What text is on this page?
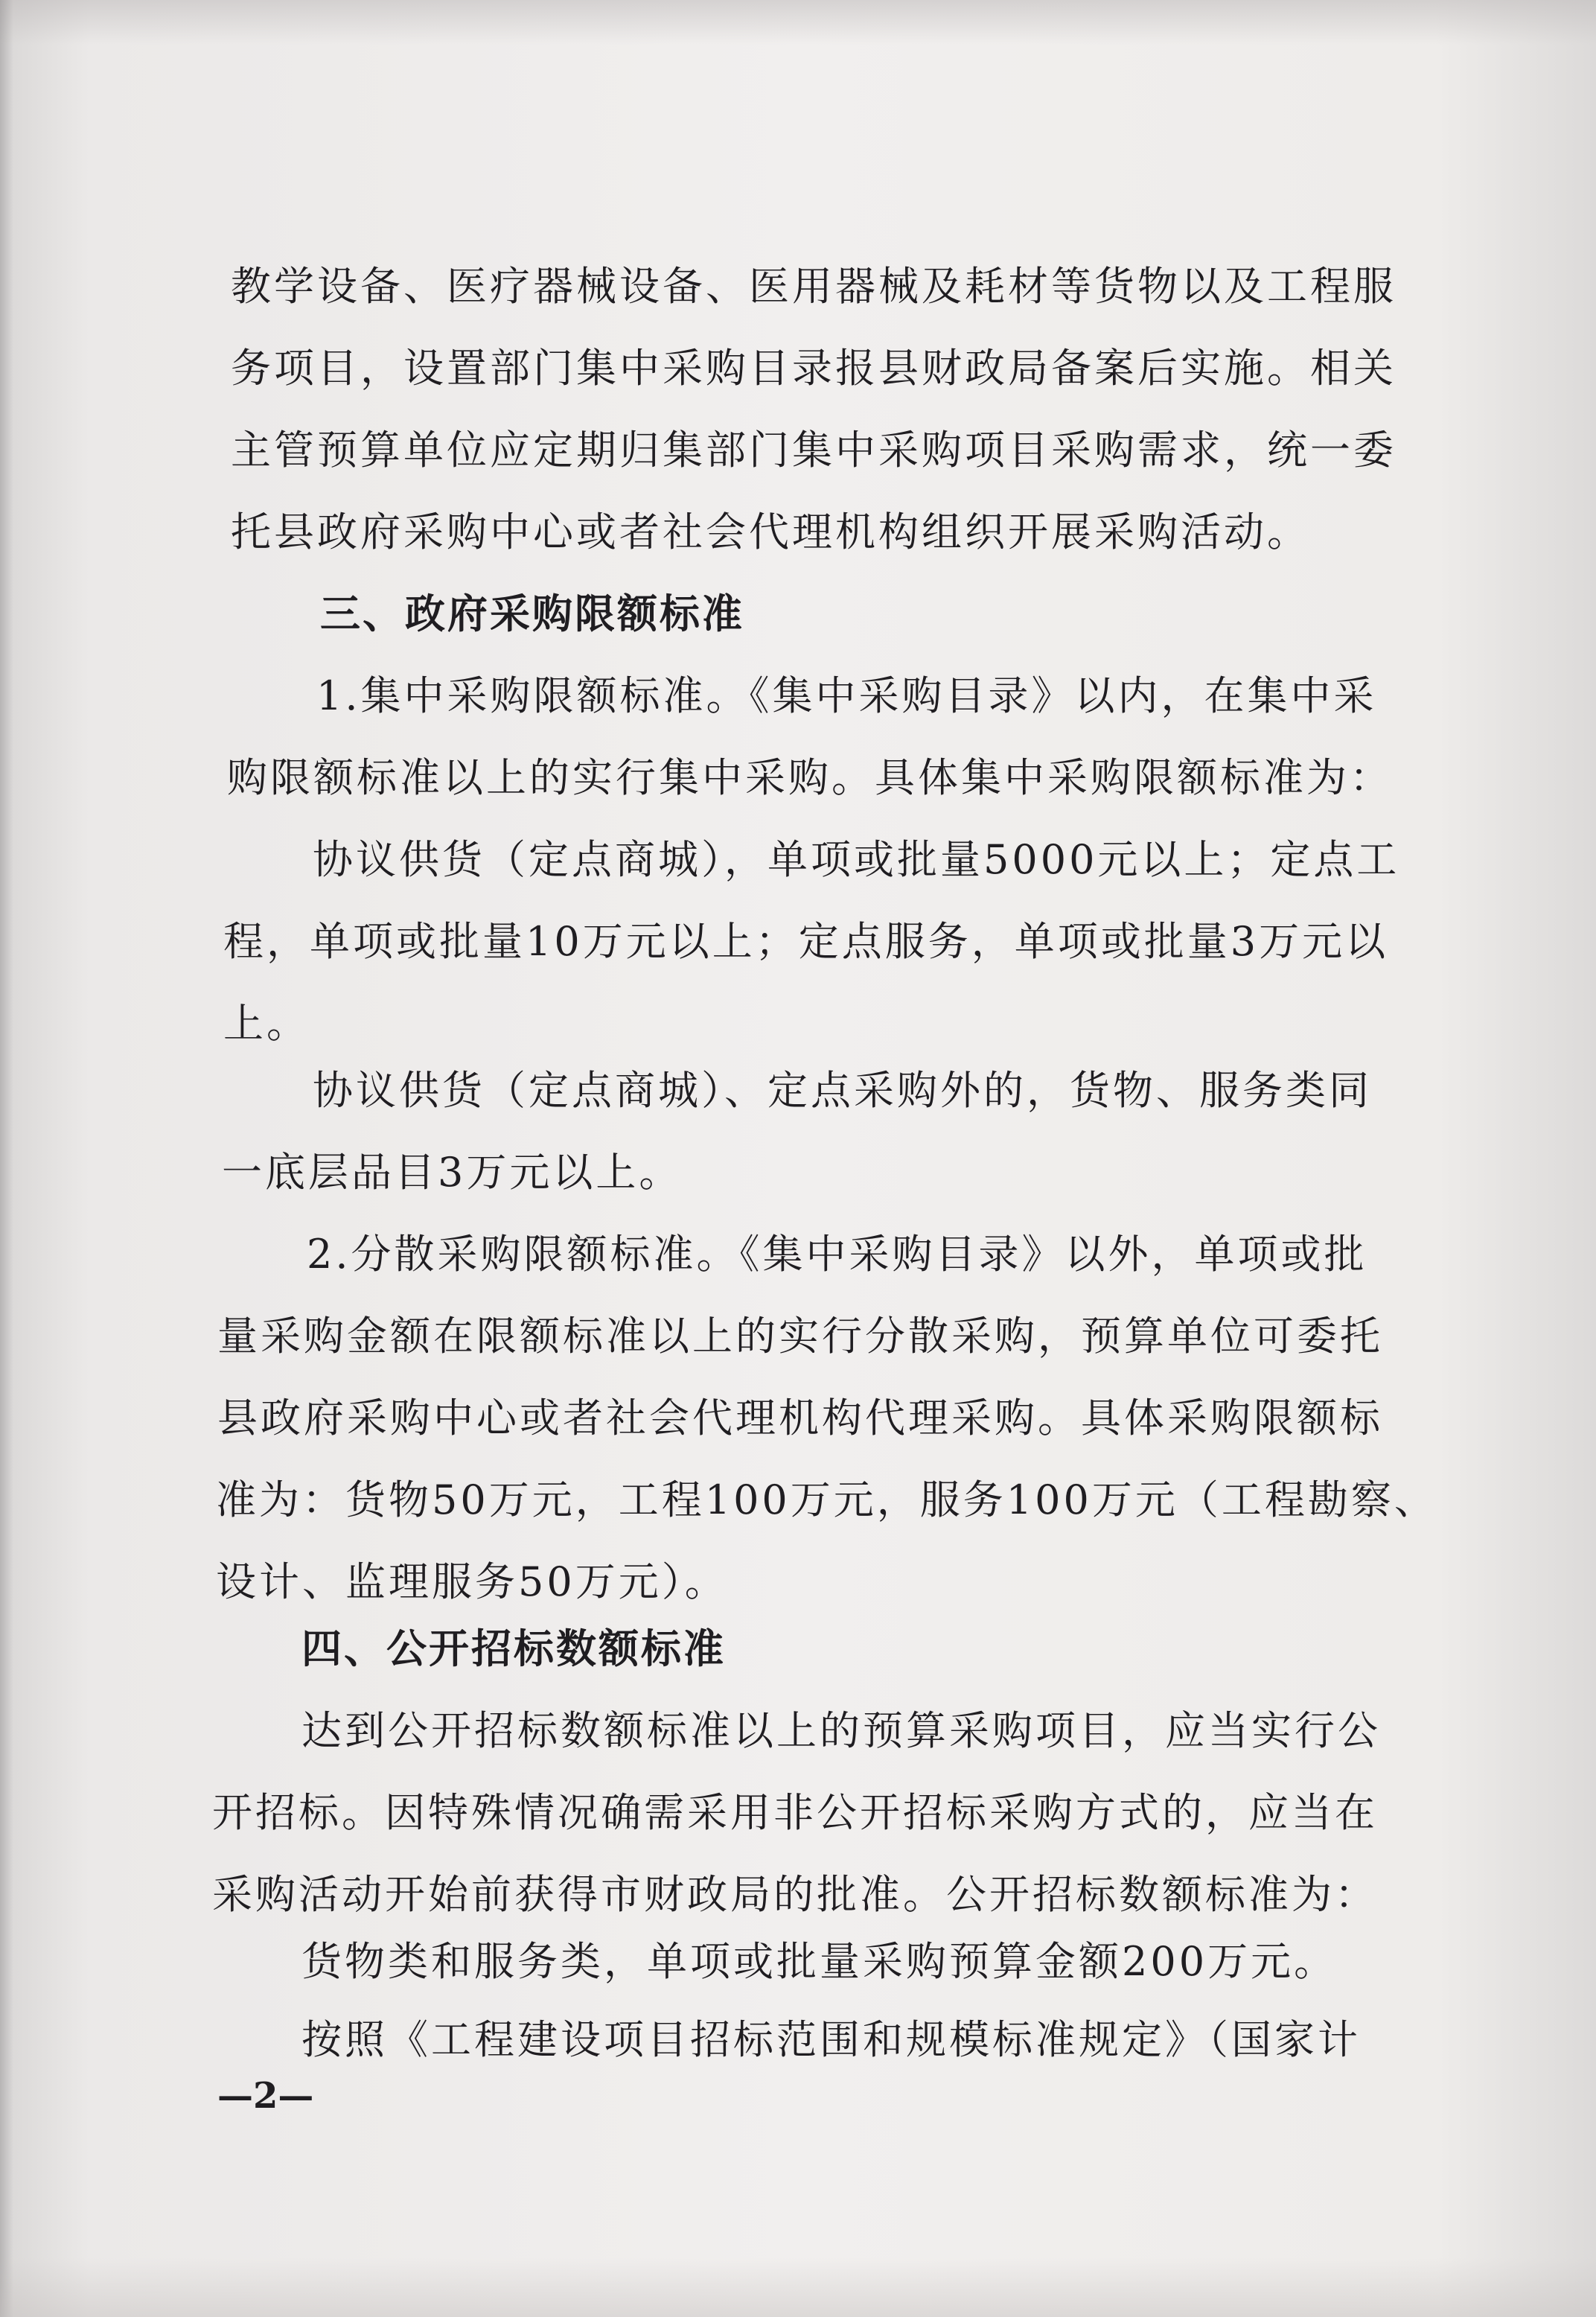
教学设备、医疗器械设备、医用器械及耗材等货物以及工程服
务项目，设置部门集中采购目录报县财政局备案后实施。相关
主管预算单位应定期归集部门集中采购项目采购需求，统一委
托县政府采购中心或者社会代理机构组织开展采购活动。
三、政府采购限额标准
1.集中采购限额标准。《集中采购目录》以内，在集中采
购限额标准以上的实行集中采购。具体集中采购限额标准为：
协议供货（定点商城），单项或批量5000元以上；定点工
程，单项或批量10万元以上；定点服务，单项或批量3万元以
上。
协议供货（定点商城）、定点采购外的，货物、服务类同
一底层品目3万元以上。
2.分散采购限额标准。《集中采购目录》以外，单项或批
量采购金额在限额标准以上的实行分散采购，预算单位可委托
县政府采购中心或者社会代理机构代理采购。具体采购限额标
准为：货物50万元，工程100万元，服务100万元（工程勘察、
设计、监理服务50万元）。
四、公开招标数额标准
达到公开招标数额标准以上的预算采购项目，应当实行公
开招标。因特殊情况确需采用非公开招标采购方式的，应当在
采购活动开始前获得市财政局的批准。公开招标数额标准为：
货物类和服务类，单项或批量采购预算金额200万元。
按照《工程建设项目招标范围和规模标准规定》（国家计
—2—
